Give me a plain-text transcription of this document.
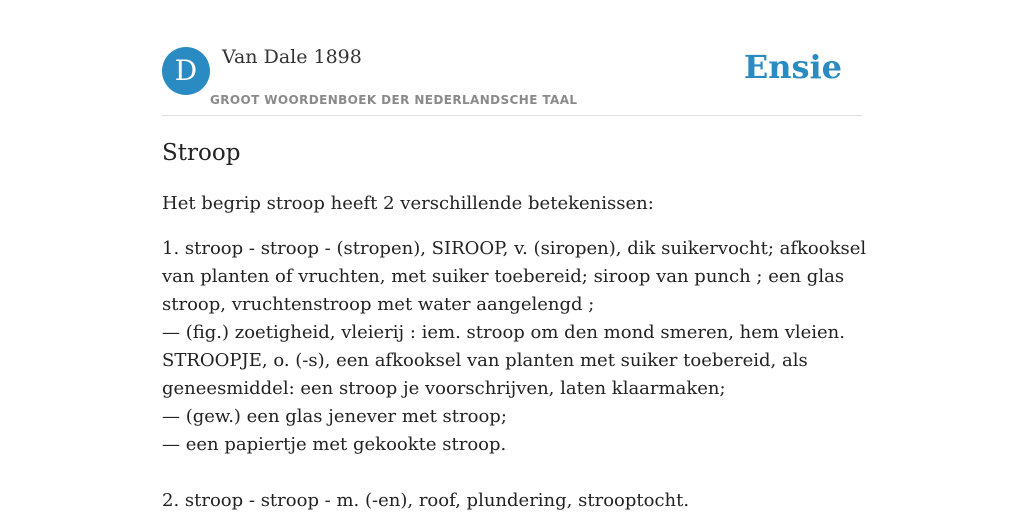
D	Van Dale 1898
GROOT WOORDENBOEK DER NEDERLANDSCHE TAAL
Ensie
Stroop

Het begrip stroop heeft 2 verschillende betekenissen:

1. stroop - stroop - (stropen), SIROOP, v. (siropen), dik suikervocht; afkooksel
van planten of vruchten, met suiker toebereid; siroop van punch ; een glas
stroop, vruchtenstroop met water aangelengd ;
— (fig.) zoetigheid, vleierij : iem. stroop om den mond smeren, hem vleien.
STROOPJE, o. (-s), een afkooksel van planten met suiker toebereid, als
geneesmiddel: een stroop je voorschrijven, laten klaarmaken;
— (gew.) een glas jenever met stroop;
— een papiertje met gekookte stroop.
2. stroop - stroop - m. (-en), roof, plundering, strooptocht.
